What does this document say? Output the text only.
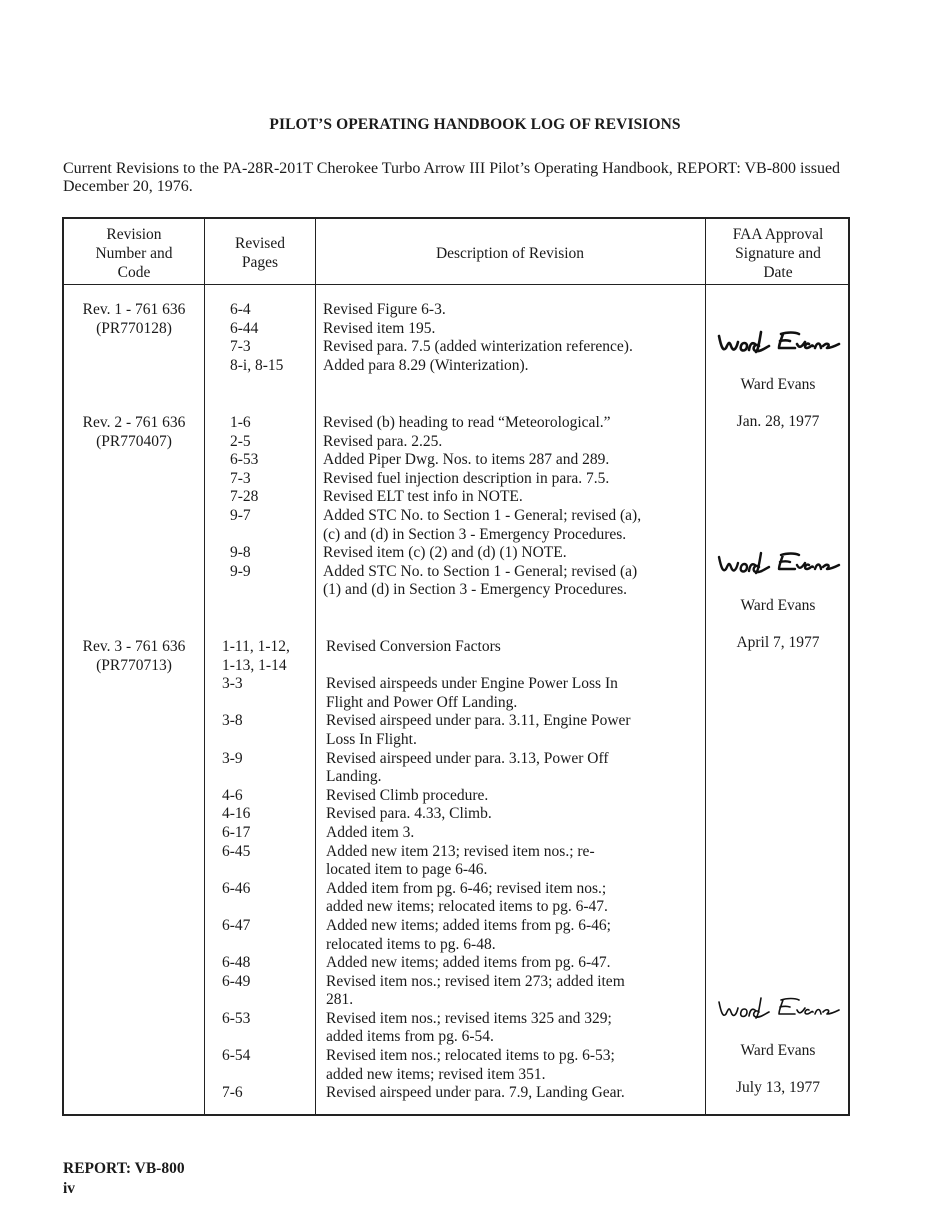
PILOT’S OPERATING HANDBOOK LOG OF REVISIONS
Current Revisions to the PA-28R-201T Cherokee Turbo Arrow III Pilot’s Operating Handbook, REPORT: VB-800 issued December 20, 1976.
Revision
Number and
Code
Revised
Pages
Description of Revision
FAA Approval
Signature and
Date
Rev. 1 - 761 636
(PR770128)
6-4
6-44
7-3
8-i, 8-15
Revised Figure 6-3.
Revised item 195.
Revised para. 7.5 (added winterization reference).
Added para 8.29 (Winterization).

Ward Evans

Jan. 28, 1977

Rev. 2 - 761 636
(PR770407)
1-6
2-5
6-53
7-3
7-28
9-7

9-8
9-9
Revised (b) heading to read “Meteorological.”
Revised para. 2.25.
Added Piper Dwg. Nos. to items 287 and 289.
Revised fuel injection description in para. 7.5.
Revised ELT test info in NOTE.
Added STC No. to Section 1 - General; revised (a),
(c) and (d) in Section 3 - Emergency Procedures.
Revised item (c) (2) and (d) (1) NOTE.
Added STC No. to Section 1 - General; revised (a)
(1) and (d) in Section 3 - Emergency Procedures.

Ward Evans

April 7, 1977

Rev. 3 - 761 636
(PR770713)
1-11, 1-12,
1-13, 1-14
3-3

3-8

3-9

4-6
4-16
6-17
6-45

6-46

6-47

6-48
6-49

6-53

6-54

7-6
Revised Conversion Factors

Revised airspeeds under Engine Power Loss In
Flight and Power Off Landing.
Revised airspeed under para. 3.11, Engine Power
Loss In Flight.
Revised airspeed under para. 3.13, Power Off
Landing.
Revised Climb procedure.
Revised para. 4.33, Climb.
Added item 3.
Added new item 213; revised item nos.; re-
located item to page 6-46.
Added item from pg. 6-46; revised item nos.;
added new items; relocated items to pg. 6-47.
Added new items; added items from pg. 6-46;
relocated items to pg. 6-48.
Added new items; added items from pg. 6-47.
Revised item nos.; revised item 273; added item
281.
Revised item nos.; revised items 325 and 329;
added items from pg. 6-54.
Revised item nos.; relocated items to pg. 6-53;
added new items; revised item 351.
Revised airspeed under para. 7.9, Landing Gear.

Ward Evans

July 13, 1977

REPORT: VB-800
iv
